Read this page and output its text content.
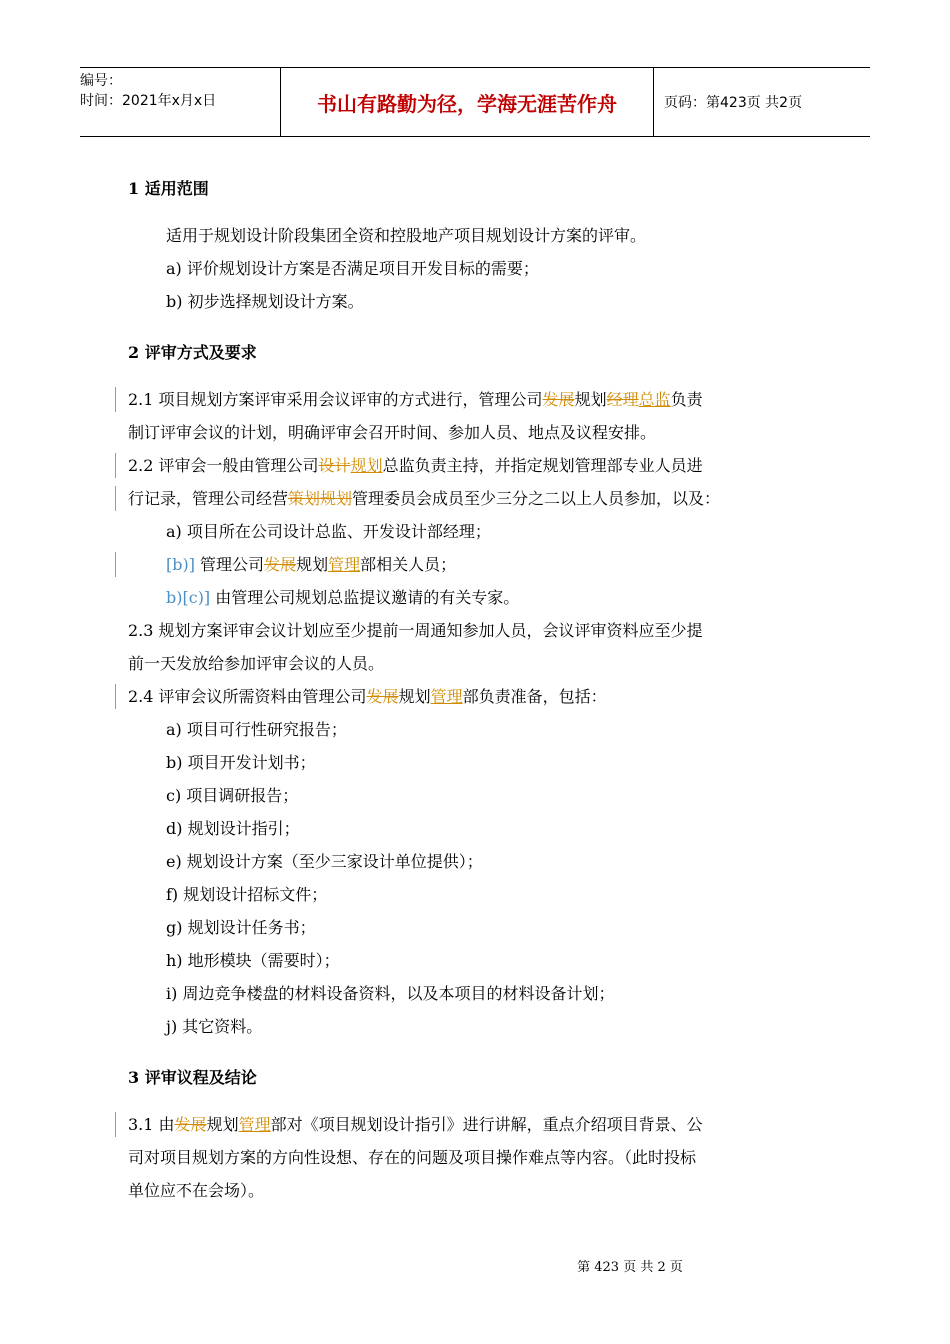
编号：
时间：2021年x月x日	书山有路勤为径，学海无涯苦作舟	页码：第423页 共2页
1 适用范围
适用于规划设计阶段集团全资和控股地产项目规划设计方案的评审。
a) 评价规划设计方案是否满足项目开发目标的需要；
b) 初步选择规划设计方案。
2 评审方式及要求
2.1 项目规划方案评审采用会议评审的方式进行，管理公司发展规划经理总监负责
制订评审会议的计划，明确评审会召开时间、参加人员、地点及议程安排。
2.2 评审会一般由管理公司设计规划总监负责主持，并指定规划管理部专业人员进
行记录，管理公司经营策划规划管理委员会成员至少三分之二以上人员参加，以及：
a) 项目所在公司设计总监、开发设计部经理；
[b)] 管理公司发展规划管理部相关人员；
b)[c)] 由管理公司规划总监提议邀请的有关专家。
2.3 规划方案评审会议计划应至少提前一周通知参加人员，会议评审资料应至少提
前一天发放给参加评审会议的人员。
2.4 评审会议所需资料由管理公司发展规划管理部负责准备，包括：
a) 项目可行性研究报告；
b) 项目开发计划书；
c) 项目调研报告；
d) 规划设计指引；
e) 规划设计方案（至少三家设计单位提供）；
f) 规划设计招标文件；
g) 规划设计任务书；
h) 地形模块（需要时）；
i) 周边竞争楼盘的材料设备资料，以及本项目的材料设备计划；
j) 其它资料。
3 评审议程及结论
3.1 由发展规划管理部对《项目规划设计指引》进行讲解，重点介绍项目背景、公
司对项目规划方案的方向性设想、存在的问题及项目操作难点等内容。（此时投标
单位应不在会场）。
第 423 页 共 2 页
